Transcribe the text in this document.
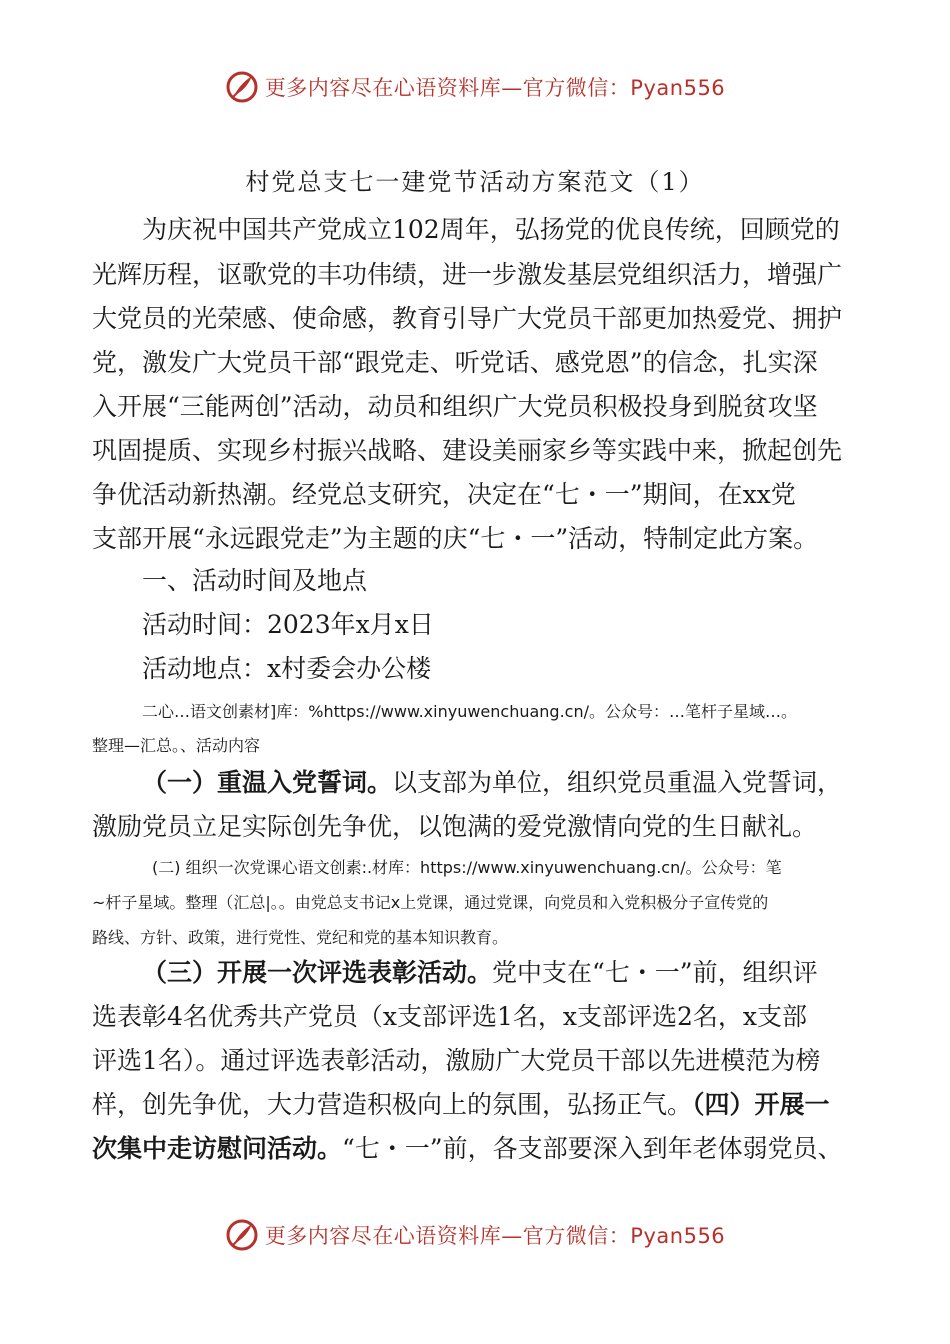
更多内容尽在心语资料库—官方微信：Pyan556
村党总支七一建党节活动方案范文（1）
为庆祝中国共产党成立102周年，弘扬党的优良传统，回顾党的
光辉历程，讴歌党的丰功伟绩，进一步激发基层党组织活力，增强广
大党员的光荣感、使命感，教育引导广大党员干部更加热爱党、拥护
党，激发广大党员干部“跟党走、听党话、感党恩”的信念，扎实深
入开展“三能两创”活动，动员和组织广大党员积极投身到脱贫攻坚
巩固提质、实现乡村振兴战略、建设美丽家乡等实践中来，掀起创先
争优活动新热潮。经党总支研究，决定在“七・一”期间，在xx党
支部开展“永远跟党走”为主题的庆“七・一”活动，特制定此方案。
一、活动时间及地点
活动时间：2023年x月x日
活动地点：x村委会办公楼
二心…语文创素材]库：%https://www.xinyuwenchuang.cn/。公众号：…笔杆子星域…。
整理—汇总。、活动内容
（一）重温入党誓词。以支部为单位，组织党员重温入党誓词，
激励党员立足实际创先争优，以饱满的爱党激情向党的生日献礼。
(二) 组织一次党课心语文创素:.材库：https://www.xinyuwenchuang.cn/。公众号：笔
~杆子星域。整理（汇总|。。由党总支书记x上党课，通过党课，向党员和入党积极分子宣传党的
路线、方针、政策，进行党性、党纪和党的基本知识教育。
（三）开展一次评选表彰活动。党中支在“七・一”前，组织评
选表彰4名优秀共产党员（x支部评选1名，x支部评选2名，x支部
评选1名）。通过评选表彰活动，激励广大党员干部以先进模范为榜
样，创先争优，大力营造积极向上的氛围，弘扬正气。（四）开展一
次集中走访慰问活动。“七・一”前，各支部要深入到年老体弱党员、
更多内容尽在心语资料库—官方微信：Pyan556
